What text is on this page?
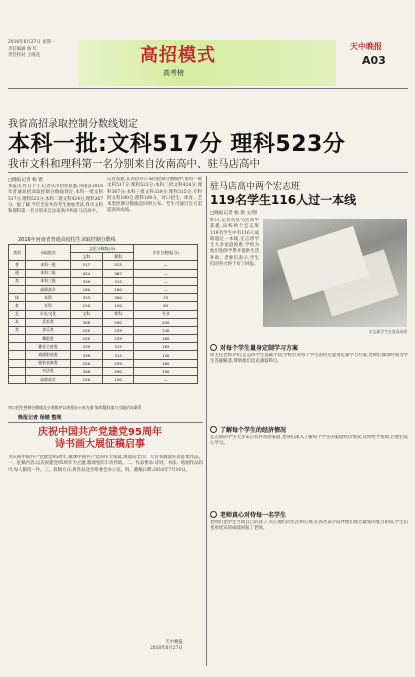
2016年6月27日 星期一
责任编辑 杨 红
责任校对 王晓花	高招模式
高考榜
天中晚报
A03
我省高招录取控制分数线划定
本科一批:文科517分 理科523分
我市文科和理科第一名分别来自汝南高中、驻马店高中
□晚报记者 杨 锴
本报讯 昨日下午,记者从市招办获悉,河南省2016年普通高招录取控制分数线划定,本科一批文科517分,理科523分;本科二批文科424分,理科367分。据了解,今年全省共有考生参加考试,我市文科和理科第一名分别来自汝南高中和驻马店高中。
记者获悉,在省招办公布的控制分数线中,本科一批文科517分,理科523分;本科二批文科424分,理科367分;本科三批文科339分,理科315分;专科批文科180分,理科180分。对口招生、体育、艺术类控制分数线也同时公布。考生可通过官方渠道查询成绩。
2016年河南省普通高校招生录取控制分数线
类别	录取批次	文化分数线(分)		专业分数线(分)
		文科	理科	
普	本科一批	517	523	—
通	本科二批	424	367	—
类	本科三批	339	315	—
	高职高专	180	180	—
体	本科	333	300	75
育	专科	150	150	65
艺	专业/文化	文科	理科	专业
术	美术类	308	290	200
类	音乐类	250	239	140
	舞蹈类	250	239	180
	播音主持类	339	315	165
	戏剧影视类	339	315	150
	服装表演类	250	239	160
	书法类	308	290	190
	高职高专	150	150	—
对口招生控制分数线及分类排序以省招办公布为准 如有疑问请与当地招办联系
晚报记者 杨锴 整理
庆祝中国共产党建党95周年
诗书画大展征稿启事
为庆祝中国共产党建党95周年,歌颂中国共产党的伟大成就,现面向全市广大诗书画爱好者征集作品。一、征稿内容:以庆祝建党95周年为主题,歌颂党的丰功伟绩。二、作品要求:诗词、书法、绘画作品均可,每人限投一件。三、投稿方式:将作品送至组委会办公室。四、截稿日期:2016年7月10日。
天中晚报
2016年6月27日
驻马店高中两个宏志班
119名学生116人过一本线
□晚报记者 杨 锴 文/图
昨日,记者从驻马店高中获悉,该校两个宏志班119名学生中有116人成绩超过一本线,宏志班学生大多家庭困难,学校为他们免除学费并提供生活补助。老师们表示,学生们的努力终于有了回报。
宏志班学生在查看成绩
对每个学生量身定制学习方案
班主任老师介绍,宏志班学生基础不同,学校针对每个学生的特点量身定制学习方案,老师们课余时间为学生答疑解惑,帮助他们攻克薄弱科目。
了解每个学生的经济情况
宏志班的学生大多来自农村贫困家庭,老师们深入了解每个学生的家庭经济情况,及时给予帮助,让他们安心学习。
老师真心对待每一名学生
老师们把学生当成自己的孩子,关心他们的生活和心理,在高考前夕陪伴他们度过紧张的复习阶段,学生们也用优异的成绩回报了老师。
